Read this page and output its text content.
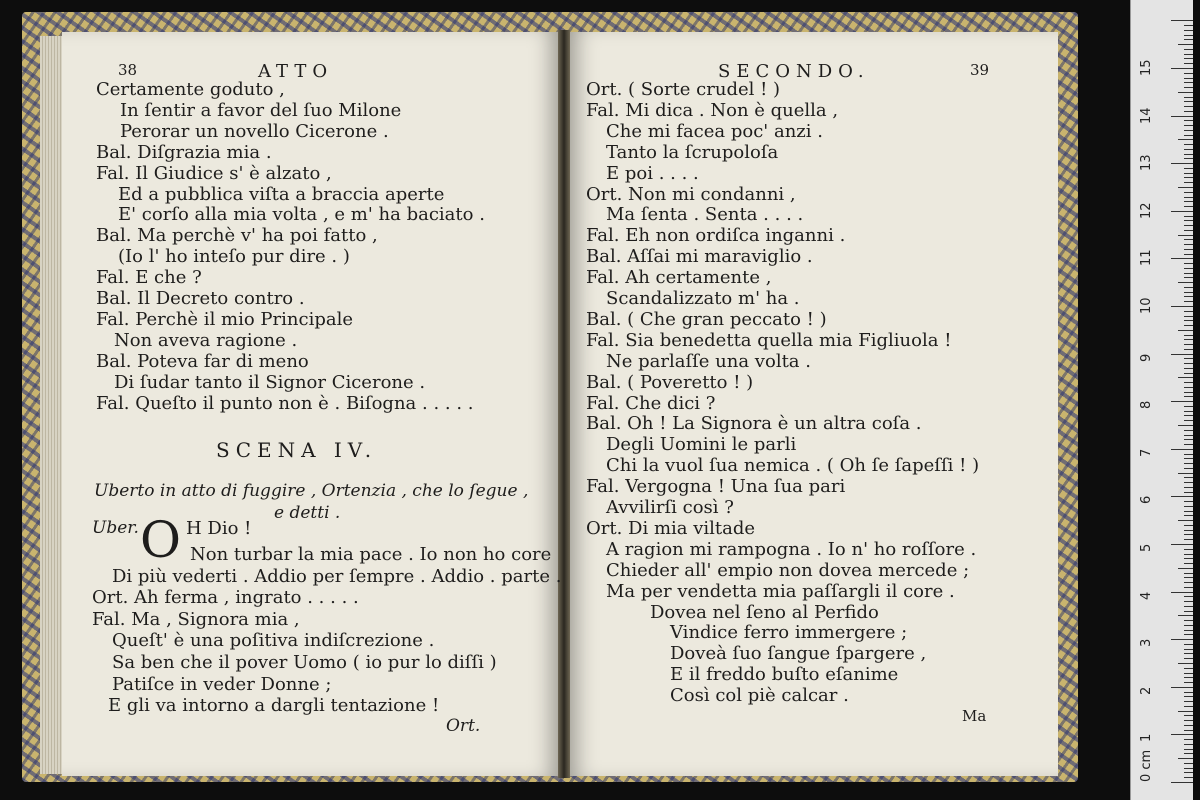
38	ATTO
Certamente goduto ,
In ſentir a favor del ſuo Milone
Perorar un novello Cicerone .
Bal. Diſgrazia mia .
Fal. Il Giudice s' è alzato ,
Ed a pubblica viſta a braccia aperte
E' corſo alla mia volta , e m' ha baciato .
Bal. Ma perchè v' ha poi fatto ,
(Io l' ho inteſo pur dire . )
Fal. E che ?
Bal. Il Decreto contro .
Fal. Perchè il mio Principale
Non aveva ragione .
Bal. Poteva far di meno
Di ſudar tanto il Signor Cicerone .
Fal. Queſto il punto non è . Biſogna . . . . .
SCENA IV.
Uberto in atto di fuggire , Ortenzia , che lo ſegue ,
e detti .
Uber. O H Dio !
Non turbar la mia pace . Io non ho core
Di più vederti . Addio per ſempre . Addio . parte .
Ort. Ah ferma , ingrato . . . . .
Fal. Ma , Signora mia ,
Queſt' è una poſitiva indiſcrezione .
Sa ben che il pover Uomo ( io pur lo diſſi )
Patiſce in veder Donne ;
E gli va intorno a dargli tentazione !
Ort.
SECONDO.	39
Ort. ( Sorte crudel ! )
Fal. Mi dica . Non è quella ,
Che mi facea poc' anzi .
Tanto la ſcrupoloſa
E poi . . . .
Ort. Non mi condanni ,
Ma ſenta . Senta . . . .
Fal. Eh non ordiſca inganni .
Bal. Aſſai mi maraviglio .
Fal. Ah certamente ,
Scandalizzato m' ha .
Bal. ( Che gran peccato ! )
Fal. Sia benedetta quella mia Figliuola !
Ne parlaſſe una volta .
Bal. ( Poveretto ! )
Fal. Che dici ?
Bal. Oh ! La Signora è un altra coſa .
Degli Uomini le parli
Chi la vuol ſua nemica . ( Oh ſe ſapeſſi ! )
Fal. Vergogna ! Una ſua pari
Avvilirſi così ?
Ort. Di mia viltade
A ragion mi rampogna . Io n' ho roſſore .
Chieder all' empio non dovea mercede ;
Ma per vendetta mia paſſargli il core .
Dovea nel ſeno al Perfido
Vindice ferro immergere ;
Doveà ſuo ſangue ſpargere ,
E il freddo buſto eſanime
Così col piè calcar .
Ma
0 cm
1
2
3
4
5
6
7
8
9
10
11
12
13
14
15
